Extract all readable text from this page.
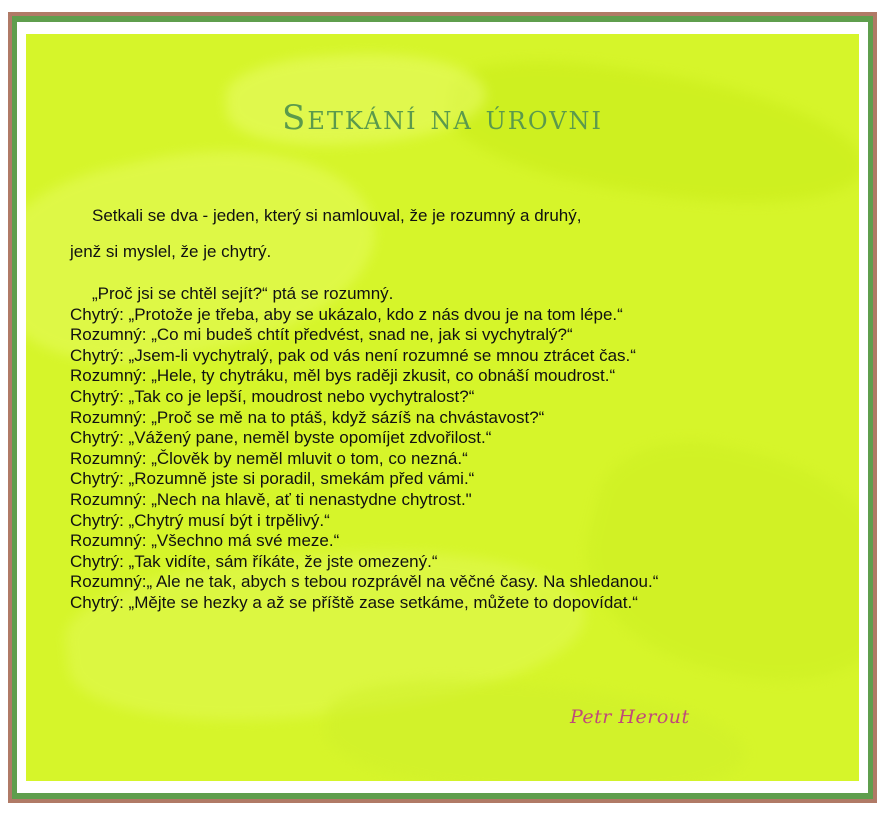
Setkání na úrovni
Setkali se dva - jeden, který si namlouval, že je rozumný a druhý,
jenž si myslel, že je chytrý.
„Proč jsi se chtěl sejít?“ ptá se rozumný.
Chytrý: „Protože je třeba, aby se ukázalo, kdo z nás dvou je na tom lépe.“
Rozumný: „Co mi budeš chtít předvést, snad ne, jak si vychytralý?“
Chytrý: „Jsem-li vychytralý, pak od vás není rozumné se mnou ztrácet čas.“
Rozumný: „Hele, ty chytráku, měl bys raději zkusit, co obnáší moudrost.“
Chytrý: „Tak co je lepší, moudrost nebo vychytralost?“
Rozumný: „Proč se mě na to ptáš, když sázíš na chvástavost?“
Chytrý: „Vážený pane, neměl byste opomíjet zdvořilost.“
Rozumný: „Člověk by neměl mluvit o tom, co nezná.“
Chytrý: „Rozumně jste si poradil, smekám před vámi.“
Rozumný: „Nech na hlavě, ať ti nenastydne chytrost."
Chytrý: „Chytrý musí být i trpělivý.“
Rozumný: „Všechno má své meze.“
Chytrý: „Tak vidíte, sám říkáte, že jste omezený.“
Rozumný:„ Ale ne tak, abych s tebou rozprávěl na věčné časy. Na shledanou.“
Chytrý: „Mějte se hezky a až se příště zase setkáme, můžete to dopovídat.“
Petr Herout
